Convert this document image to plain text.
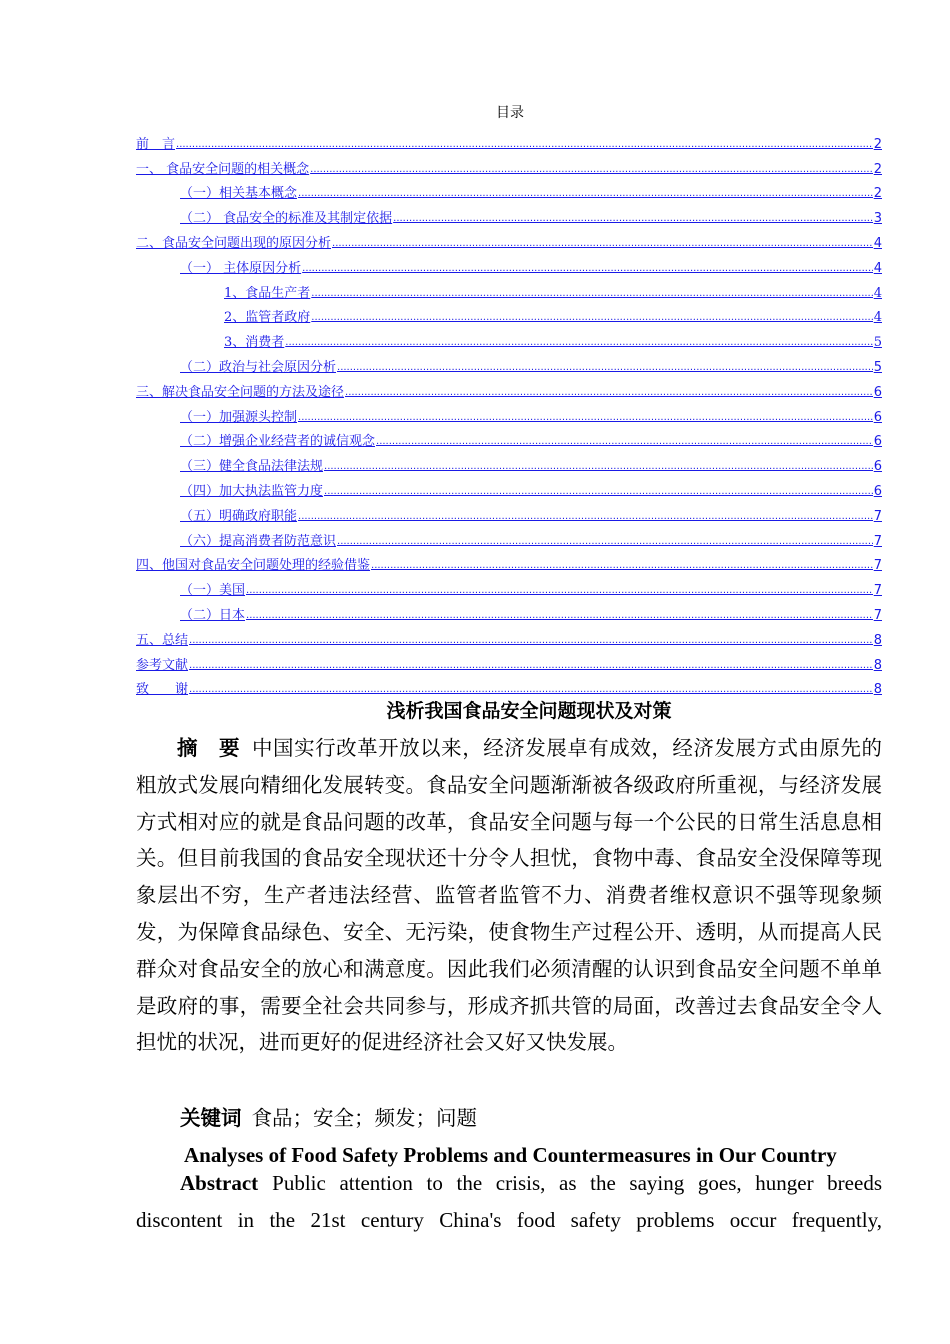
目录
前　言 .....	2
一、 食品安全问题的相关概念 .....	2
（一）相关基本概念 .....	2
（二） 食品安全的标准及其制定依据 .....	3
二、食品安全问题出现的原因分析 .....	4
（一） 主体原因分析 .....	4
1、食品生产者 .....	4
2、监管者政府 .....	4
3、消费者 .....	5
（二）政治与社会原因分析 .....	5
三、解决食品安全问题的方法及途径 .....	6
（一）加强源头控制 .....	6
（二）增强企业经营者的诚信观念 .....	6
（三）健全食品法律法规 .....	6
（四）加大执法监管力度 .....	6
（五）明确政府职能 .....	7
（六）提高消费者防范意识 .....	7
四、他国对食品安全问题处理的经验借鉴 .....	7
（一）美国 .....	7
（二）日本 .....	7
五、总结 .....	8
参考文献 .....	8
致　　谢 .....	8
浅析我国食品安全问题现状及对策
摘　要 中国实行改革开放以来，经济发展卓有成效，经济发展方式由原先的粗放式发展向精细化发展转变。食品安全问题渐渐被各级政府所重视，与经济发展方式相对应的就是食品问题的改革，食品安全问题与每一个公民的日常生活息息相关。但目前我国的食品安全现状还十分令人担忧，食物中毒、食品安全没保障等现象层出不穷，生产者违法经营、监管者监管不力、消费者维权意识不强等现象频发，为保障食品绿色、安全、无污染，使食物生产过程公开、透明，从而提高人民群众对食品安全的放心和满意度。因此我们必须清醒的认识到食品安全问题不单单是政府的事，需要全社会共同参与，形成齐抓共管的局面，改善过去食品安全令人担忧的状况，进而更好的促进经济社会又好又快发展。
关键词 食品；安全；频发；问题
Analyses of Food Safety Problems and Countermeasures in Our Country
Abstract Public attention to the crisis, as the saying goes, hunger breeds discontent in the 21st century China's food safety problems occur frequently,
